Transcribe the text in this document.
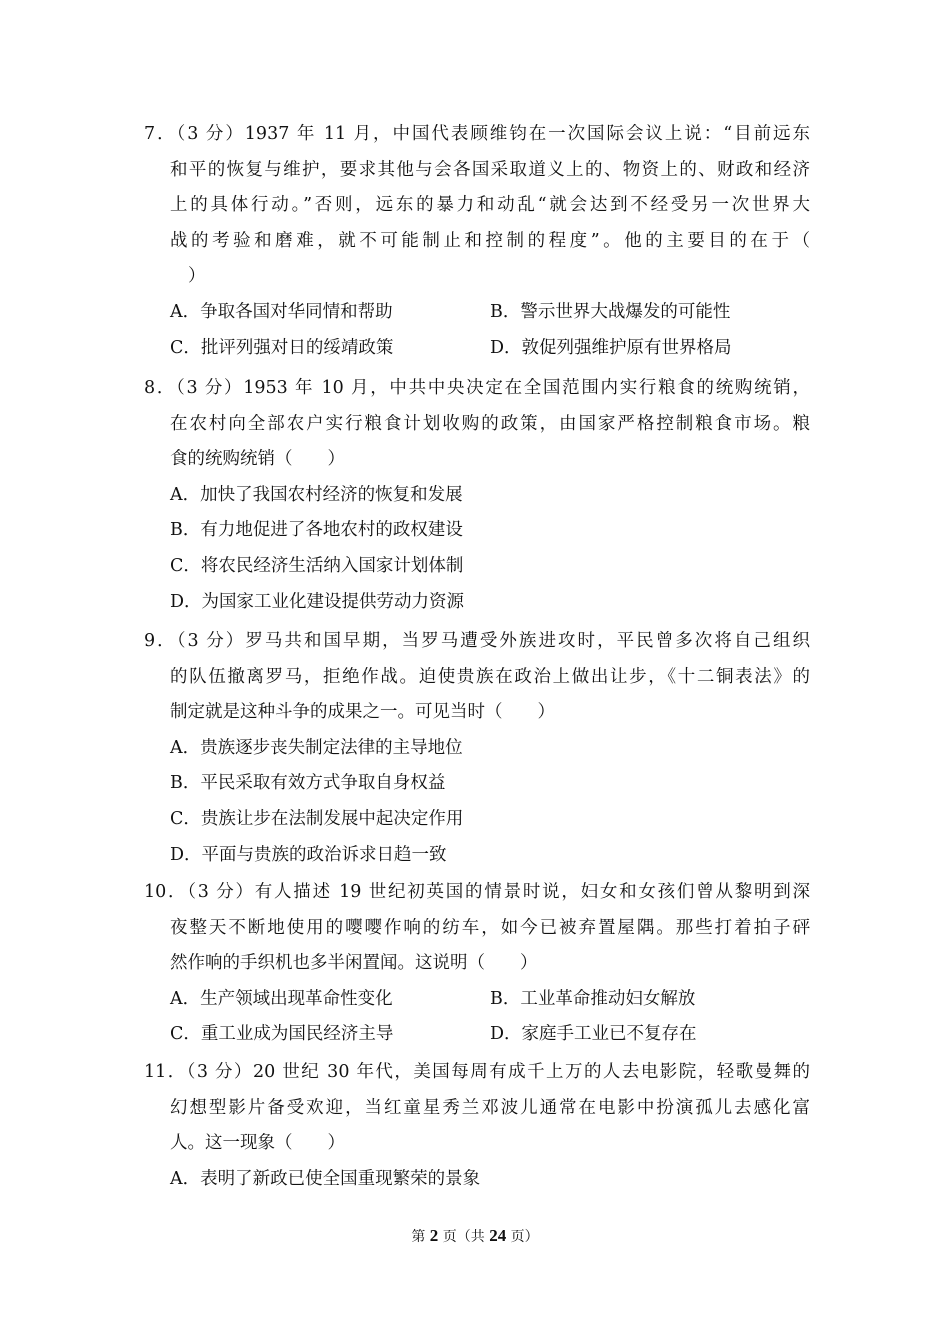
7．（3 分）1937 年 11 月，中国代表顾维钧在一次国际会议上说：“目前远东
和平的恢复与维护，要求其他与会各国采取道义上的、物资上的、财政和经济
上的具体行动。”否则，远东的暴力和动乱“就会达到不经受另一次世界大
战的考验和磨难，就不可能制止和控制的程度”。他的主要目的在于（
）
A．争取各国对华同情和帮助	B．警示世界大战爆发的可能性
C．批评列强对日的绥靖政策	D．敦促列强维护原有世界格局
8．（3 分）1953 年 10 月，中共中央决定在全国范围内实行粮食的统购统销，
在农村向全部农户实行粮食计划收购的政策，由国家严格控制粮食市场。粮
食的统购统销（　　）
A．加快了我国农村经济的恢复和发展
B．有力地促进了各地农村的政权建设
C．将农民经济生活纳入国家计划体制
D．为国家工业化建设提供劳动力资源
9．（3 分）罗马共和国早期，当罗马遭受外族进攻时，平民曾多次将自己组织
的队伍撤离罗马，拒绝作战。迫使贵族在政治上做出让步，《十二铜表法》的
制定就是这种斗争的成果之一。可见当时（　　）
A．贵族逐步丧失制定法律的主导地位
B．平民采取有效方式争取自身权益
C．贵族让步在法制发展中起决定作用
D．平面与贵族的政治诉求日趋一致
10．（3 分）有人描述 19 世纪初英国的情景时说，妇女和女孩们曾从黎明到深
夜整天不断地使用的嘤嘤作响的纺车，如今已被弃置屋隅。那些打着拍子砰
然作响的手织机也多半闲置闻。这说明（　　）
A．生产领域出现革命性变化	B．工业革命推动妇女解放
C．重工业成为国民经济主导	D．家庭手工业已不复存在
11．（3 分）20 世纪 30 年代，美国每周有成千上万的人去电影院，轻歌曼舞的
幻想型影片备受欢迎，当红童星秀兰邓波儿通常在电影中扮演孤儿去感化富
人。这一现象（　　）
A．表明了新政已使全国重现繁荣的景象
第 2 页（共 24 页）
